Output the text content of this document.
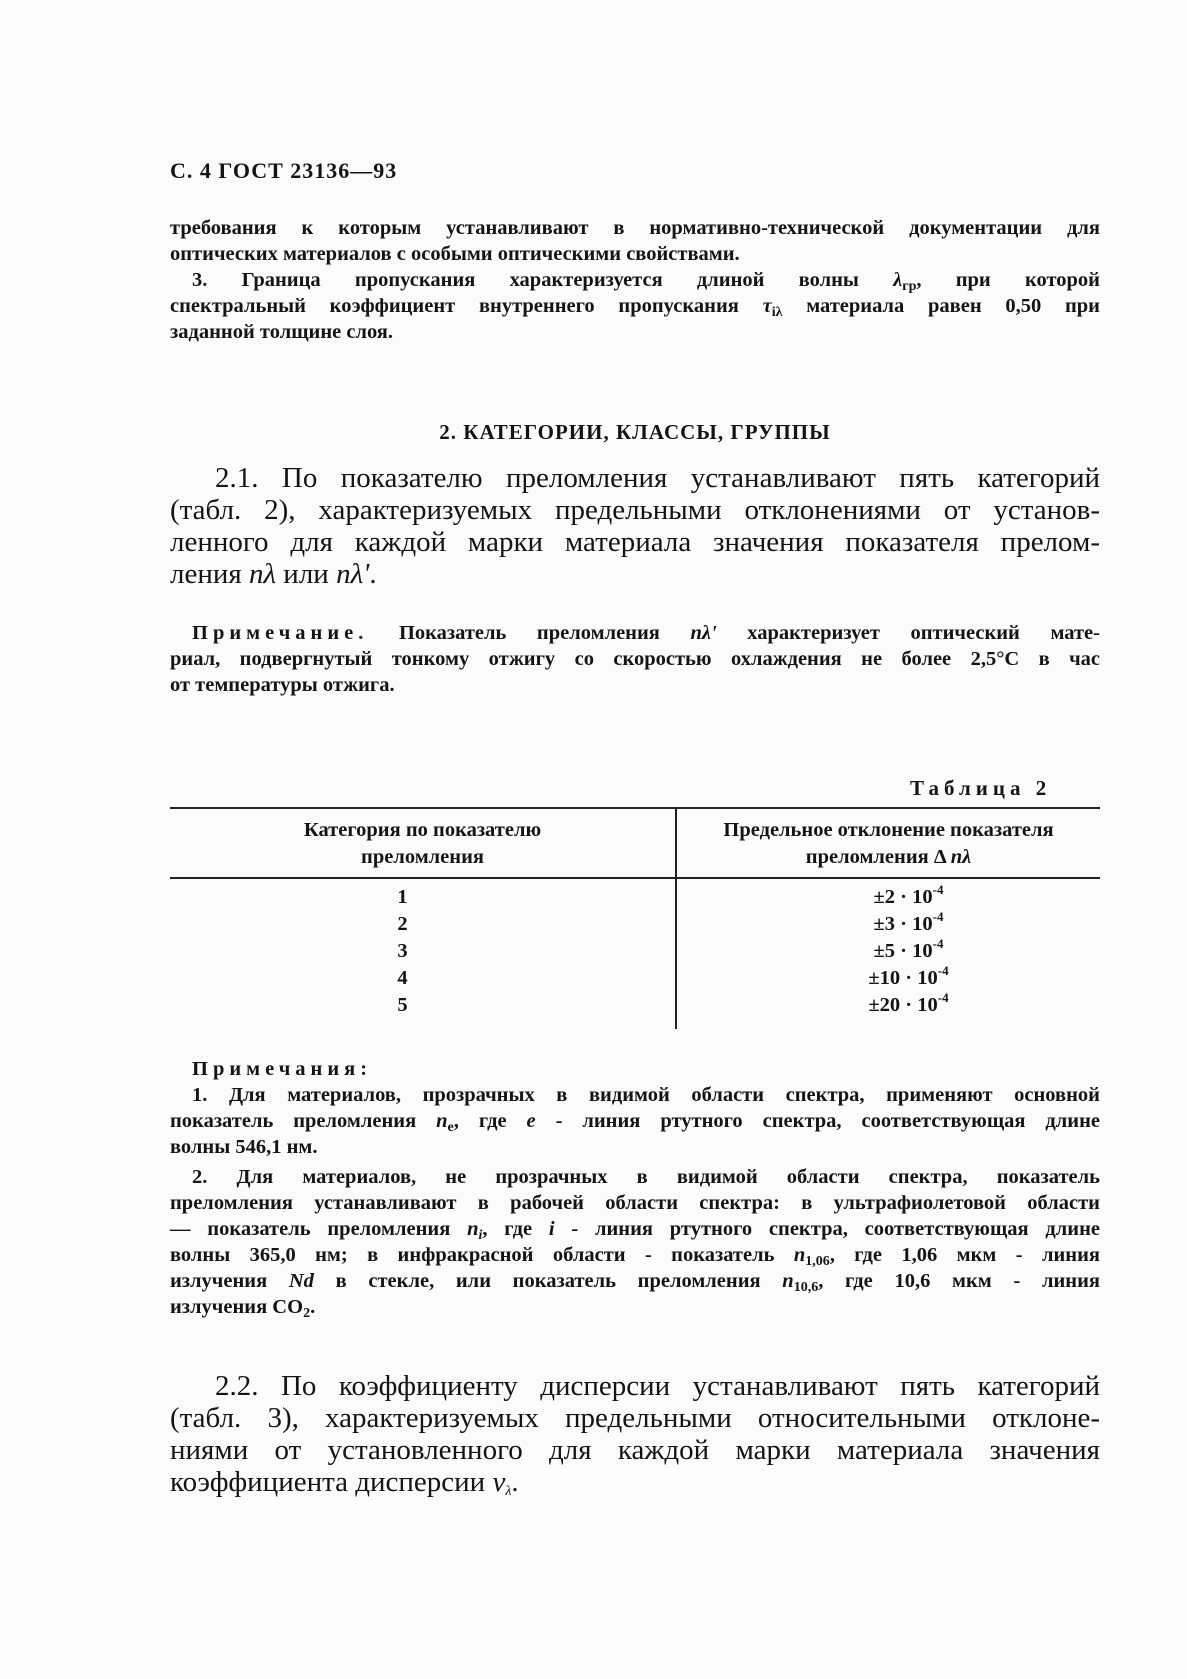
С. 4 ГОСТ 23136—93
требования к которым устанавливают в нормативно-технической документации для
оптических материалов с особыми оптическими свойствами.
3. Граница пропускания характеризуется длиной волны $\lambda_{гр}$, при которой
спектральный коэффициент внутреннего пропускания $\tau_{i\lambda}$ материала равен 0,50 при
заданной толщине слоя.
2. КАТЕГОРИИ, КЛАССЫ, ГРУППЫ
2.1. По показателю преломления устанавливают пять категорий
(табл. 2), характеризуемых предельными отклонениями от установ-
ленного для каждой марки материала значения показателя прелом-
ления nλ или nλ'.
Примечание. Показатель преломления nλ' характеризует оптический мате-
риал, подвергнутый тонкому отжигу со скоростью охлаждения не более 2,5°С в час
от температуры отжига.
Таблица 2
Категория по показателю преломления	Предельное отклонение показателя преломления Δ nλ

1	$\pm 2 \cdot 10^{-4}$
2	$\pm 3 \cdot 10^{-4}$
3	$\pm 5 \cdot 10^{-4}$
4	$\pm 10 \cdot 10^{-4}$
5	$\pm 20 \cdot 10^{-4}$
Примечания:
1. Для материалов, прозрачных в видимой области спектра, применяют основной
показатель преломления $n_e$, где e - линия ртутного спектра, соответствующая длине
волны 546,1 нм.
2. Для материалов, не прозрачных в видимой области спектра, показатель
преломления устанавливают в рабочей области спектра: в ультрафиолетовой области
— показатель преломления $n_i$, где i - линия ртутного спектра, соответствующая длине
волны 365,0 нм; в инфракрасной области - показатель $n_{1,06}$, где 1,06 мкм - линия
излучения Nd в стекле, или показатель преломления $n_{10,6}$, где 10,6 мкм - линия
излучения $CO_2$.
2.2. По коэффициенту дисперсии устанавливают пять категорий
(табл. 3), характеризуемых предельными относительными отклоне-
ниями от установленного для каждой марки материала значения
коэффициента дисперсии $\nu_\lambda$.
